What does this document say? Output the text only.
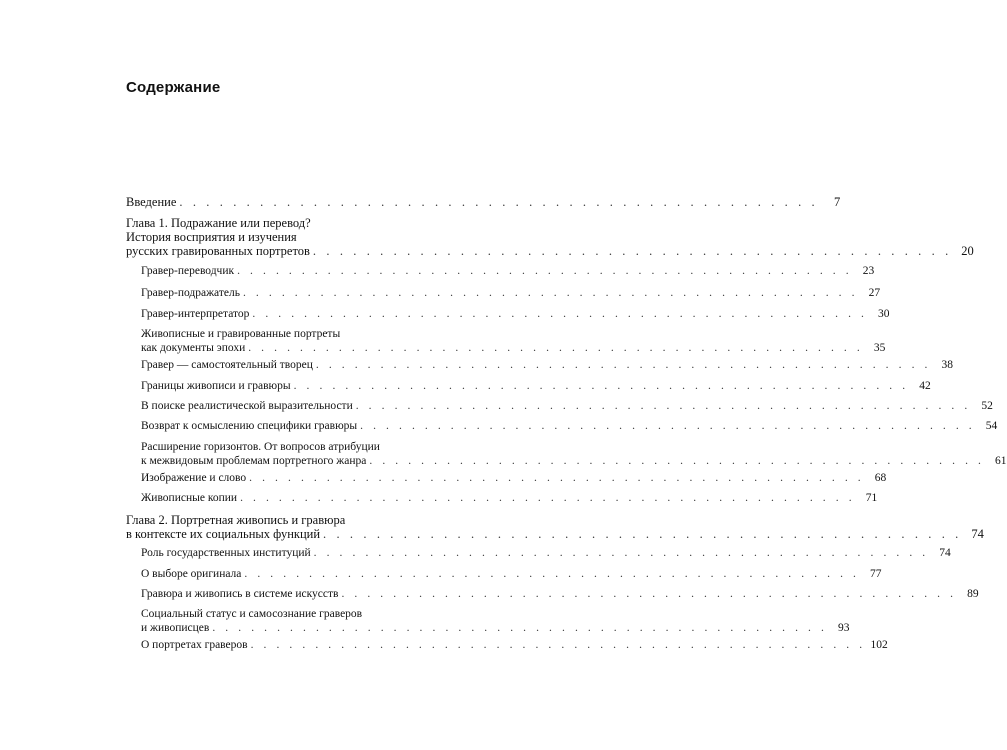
Содержание
Введение . . . . . . . . . . . . . . . . . . . . . . . . . . . . . . . . . . . . . . . . . . . . . . . .	7
Глава 1. Подражание или перевод?
История восприятия и изучения
русских гравированных портретов . . . . . . . . . . . . . . . . . . . . . . . . . . . . . . . . . . . . . . . . . . . . . . . . 20
Гравер-переводчик . . . . . . . . . . . . . . . . . . . . . . . . . . . . . . . . . . . . . . . . . . . . . . . . 23
Гравер-подражатель . . . . . . . . . . . . . . . . . . . . . . . . . . . . . . . . . . . . . . . . . . . . . . . . 27
Гравер-интерпретатор . . . . . . . . . . . . . . . . . . . . . . . . . . . . . . . . . . . . . . . . . . . . . . . . 30
Живописные и гравированные портреты
как документы эпохи . . . . . . . . . . . . . . . . . . . . . . . . . . . . . . . . . . . . . . . . . . . . . . . . 35
Гравер — самостоятельный творец . . . . . . . . . . . . . . . . . . . . . . . . . . . . . . . . . . . . . . . . . . . . . . . . 38
Границы живописи и гравюры . . . . . . . . . . . . . . . . . . . . . . . . . . . . . . . . . . . . . . . . . . . . . . . . 42
В поиске реалистической выразительности . . . . . . . . . . . . . . . . . . . . . . . . . . . . . . . . . . . . . . . . . . . . . . . . 52
Возврат к осмыслению специфики гравюры . . . . . . . . . . . . . . . . . . . . . . . . . . . . . . . . . . . . . . . . . . . . . . . . 54
Расширение горизонтов. От вопросов атрибуции
к межвидовым проблемам портретного жанра . . . . . . . . . . . . . . . . . . . . . . . . . . . . . . . . . . . . . . . . . . . . . . . . 61
Изображение и слово . . . . . . . . . . . . . . . . . . . . . . . . . . . . . . . . . . . . . . . . . . . . . . . . 68
Живописные копии . . . . . . . . . . . . . . . . . . . . . . . . . . . . . . . . . . . . . . . . . . . . . . . . 71
Глава 2. Портретная живопись и гравюра
в контексте их социальных функций . . . . . . . . . . . . . . . . . . . . . . . . . . . . . . . . . . . . . . . . . . . . . . . . 74
Роль государственных институций . . . . . . . . . . . . . . . . . . . . . . . . . . . . . . . . . . . . . . . . . . . . . . . . 74
О выборе оригинала . . . . . . . . . . . . . . . . . . . . . . . . . . . . . . . . . . . . . . . . . . . . . . . . 77
Гравюра и живопись в системе искусств . . . . . . . . . . . . . . . . . . . . . . . . . . . . . . . . . . . . . . . . . . . . . . . . 89
Социальный статус и самосознание граверов
и живописцев . . . . . . . . . . . . . . . . . . . . . . . . . . . . . . . . . . . . . . . . . . . . . . . . 93
О портретах граверов . . . . . . . . . . . . . . . . . . . . . . . . . . . . . . . . . . . . . . . . . . . . . . . . 102
